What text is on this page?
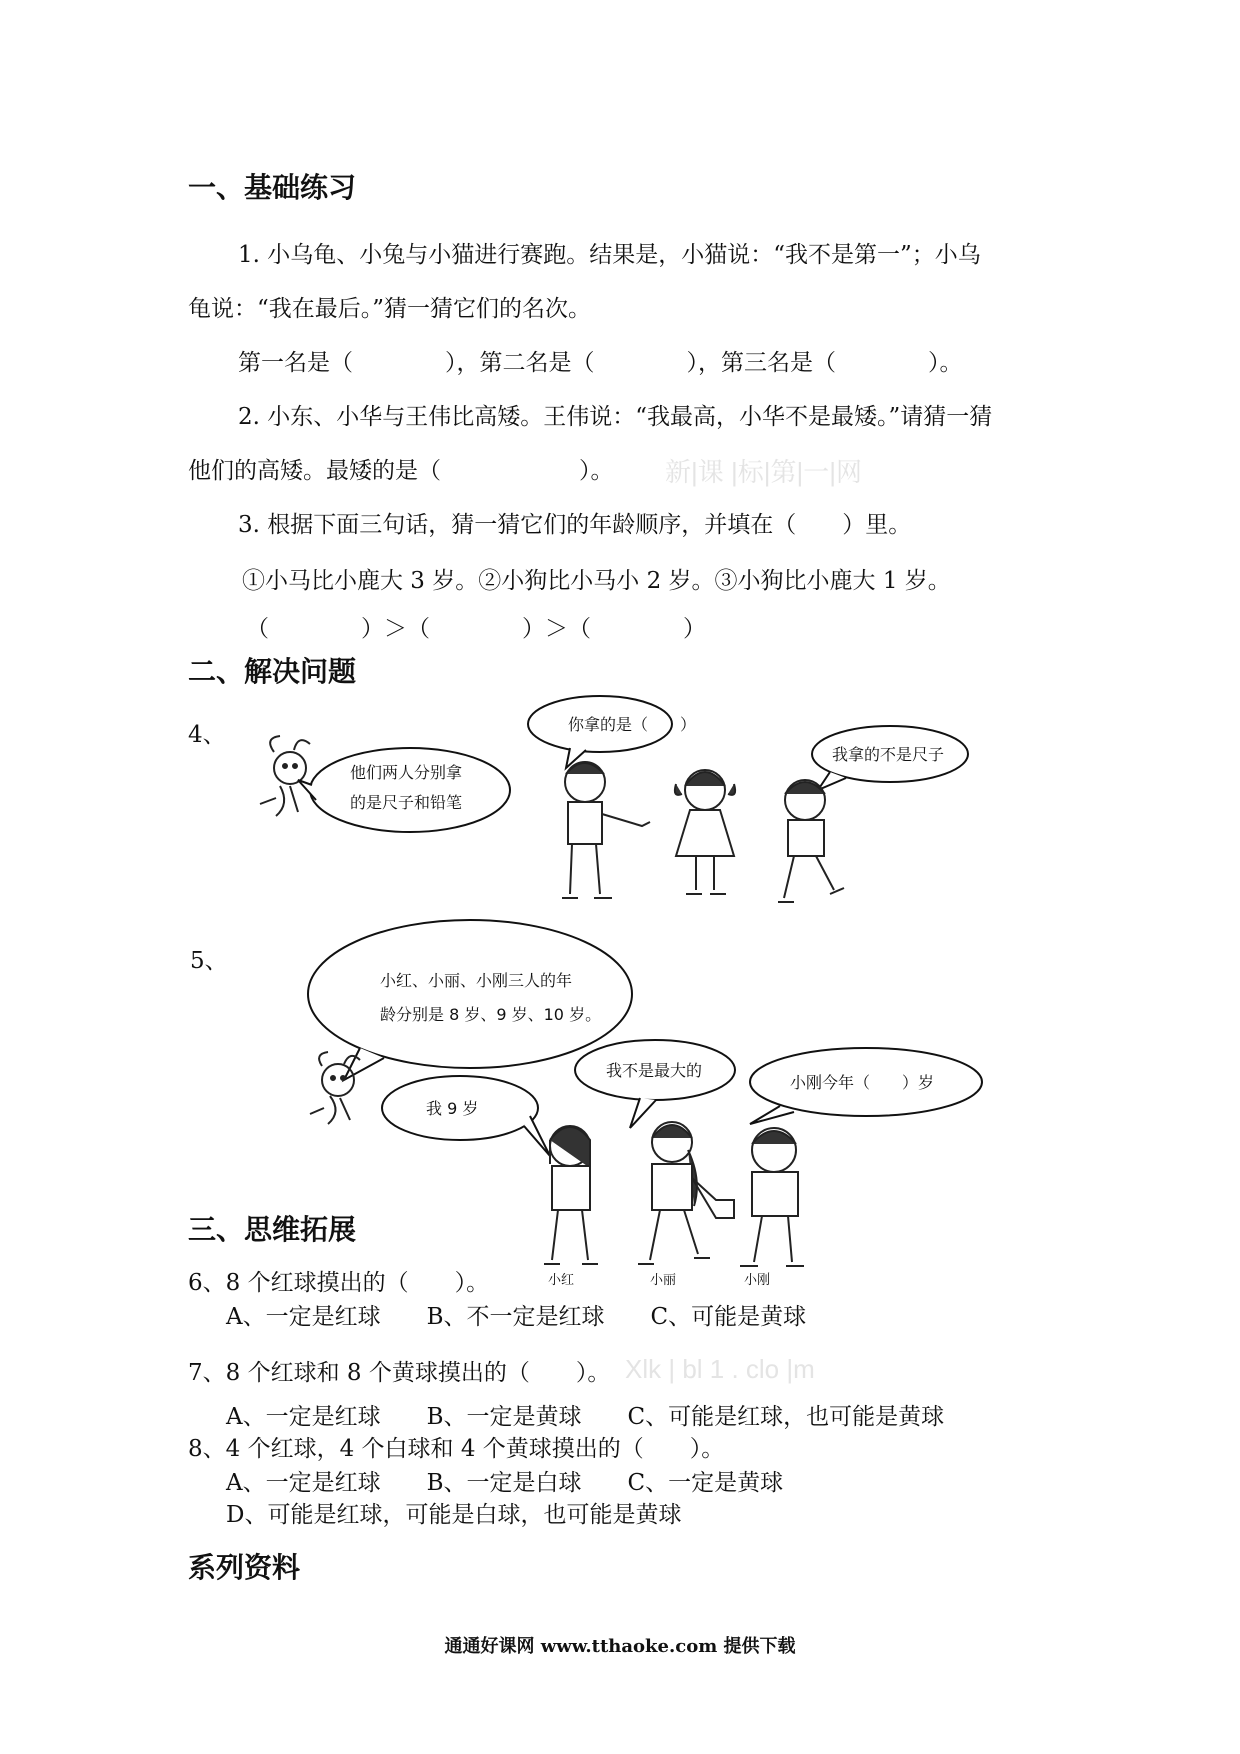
一、基础练习
1. 小乌龟、小兔与小猫进行赛跑。结果是，小猫说：“我不是第一”；小乌
龟说：“我在最后。”猜一猜它们的名次。
第一名是（　　　　），第二名是（　　　　），第三名是（　　　　）。
2. 小东、小华与王伟比高矮。王伟说：“我最高，小华不是最矮。”请猜一猜
他们的高矮。最矮的是（　　　　　　）。 新|课 |标|第|一|网
3. 根据下面三句话，猜一猜它们的年龄顺序，并填在（　　）里。
①小马比小鹿大 3 岁。②小狗比小马小 2 岁。③小狗比小鹿大 1 岁。
（　　　　）＞（　　　　）＞（　　　　）
二、解决问题
4、
他们两人分别拿
的是尺子和铅笔
你拿的是（　　）
我拿的不是尺子
5、
小红、小丽、小刚三人的年
龄分别是 8 岁、9 岁、10 岁。
我 9 岁
我不是最大的
小刚今年（　　）岁
小红	小丽	小刚
三、思维拓展
6、8 个红球摸出的（　　）。
A、一定是红球　　B、不一定是红球　　C、可能是黄球
7、8 个红球和 8 个黄球摸出的（　　）。 Xlk | bl 1 . clo |m
A、一定是红球　　B、一定是黄球　　C、可能是红球，也可能是黄球
8、4 个红球，4 个白球和 4 个黄球摸出的（　　）。
A、一定是红球　　B、一定是白球　　C、一定是黄球
D、可能是红球，可能是白球，也可能是黄球
系列资料
通通好课网 www.tthaoke.com 提供下载
